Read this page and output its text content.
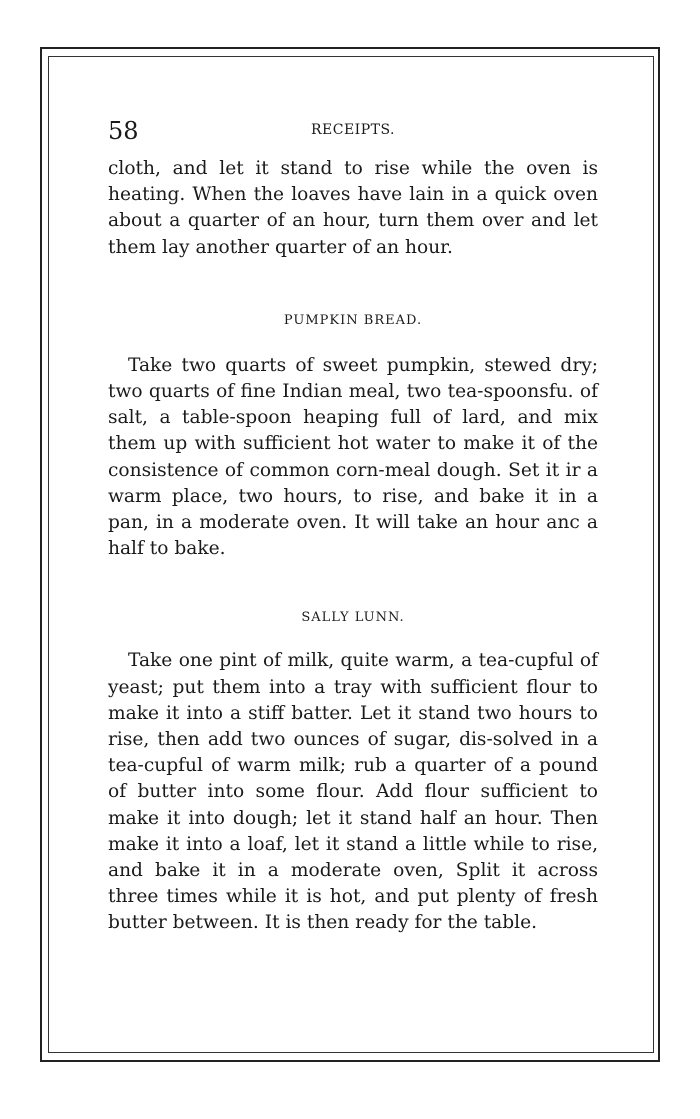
58	RECEIPTS.

cloth, and let it stand to rise while the oven is heating. When the loaves have lain in a quick oven about a quarter of an hour, turn them over and let them lay another quarter of an hour.

PUMPKIN BREAD.

Take two quarts of sweet pumpkin, stewed dry; two quarts of fine Indian meal, two tea-spoonsfu. of salt, a table-spoon heaping full of lard, and mix them up with sufficient hot water to make it of the consistence of common corn-meal dough. Set it ir a warm place, two hours, to rise, and bake it in a pan, in a moderate oven. It will take an hour anc a half to bake.

SALLY LUNN.

Take one pint of milk, quite warm, a tea-cupful of yeast; put them into a tray with sufficient flour to make it into a stiff batter. Let it stand two hours to rise, then add two ounces of sugar, dis-solved in a tea-cupful of warm milk; rub a quarter of a pound of butter into some flour. Add flour sufficient to make it into dough; let it stand half an hour. Then make it into a loaf, let it stand a little while to rise, and bake it in a moderate oven, Split it across three times while it is hot, and put plenty of fresh butter between. It is then ready for the table.
